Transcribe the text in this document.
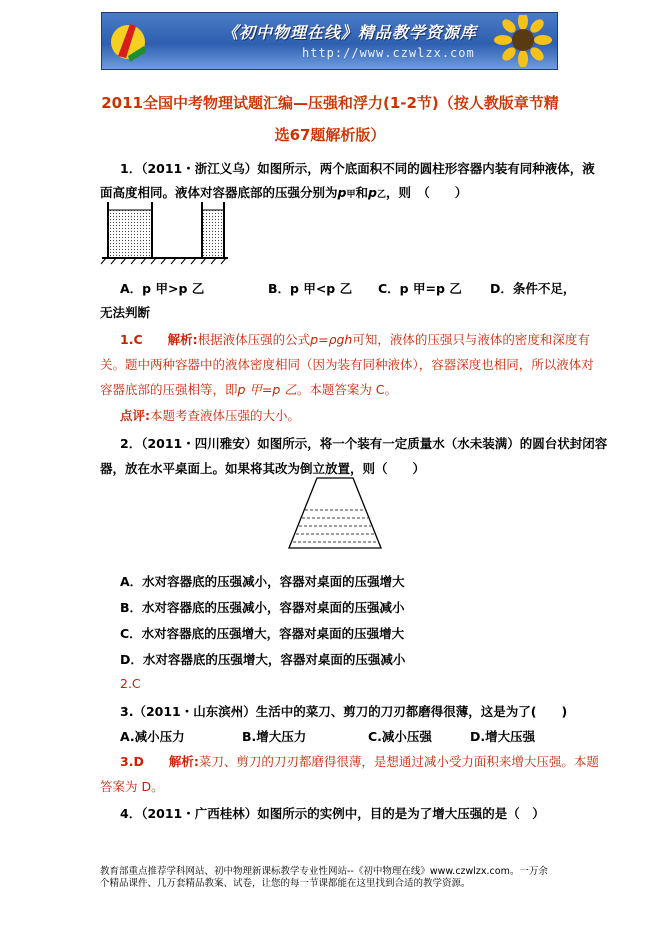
《初中物理在线》精品教学资源库
http://www.czwlzx.com
2011全国中考物理试题汇编—压强和浮力(1-2节)（按人教版章节精
选67题解析版）
1．（2011・浙江义乌）如图所示，两个底面积不同的圆柱形容器内装有同种液体，液
面高度相同。液体对容器底部的压强分别为p甲和p乙，则　（　　）
A．p 甲>p 乙	B．p 甲<p 乙 C．p 甲=p 乙 D．条件不足，
无法判断
1.C　　 解析:根据液体压强的公式p=ρgh可知，液体的压强只与液体的密度和深度有
关。题中两种容器中的液体密度相同（因为装有同种液体），容器深度也相同，所以液体对
容器底部的压强相等，即p 甲=p 乙。本题答案为 C。
点评:本题考查液体压强的大小。
2．（2011・四川雅安）如图所示，将一个装有一定质量水（水未装满）的圆台状封闭容
器，放在水平桌面上。如果将其改为倒立放置，则（　　）
A．水对容器底的压强减小，容器对桌面的压强增大
B．水对容器底的压强减小，容器对桌面的压强减小
C．水对容器底的压强增大，容器对桌面的压强增大
D．水对容器底的压强增大，容器对桌面的压强减小
2.C
3.（2011・山东滨州）生活中的菜刀、剪刀的刀刃都磨得很薄，这是为了(　　)
A.减小压力	B.增大压力	C.减小压强	D.增大压强
3.D　　 解析:菜刀、剪刀的刀刃都磨得很薄，是想通过减小受力面积来增大压强。本题
答案为 D。
4．（2011・广西桂林）如图所示的实例中，目的是为了增大压强的是（　）
教育部重点推荐学科网站、初中物理新课标教学专业性网站--《初中物理在线》www.czwlzx.com。一万余
个精品课件、几万套精品教案、试卷，让您的每一节课都能在这里找到合适的教学资源。
